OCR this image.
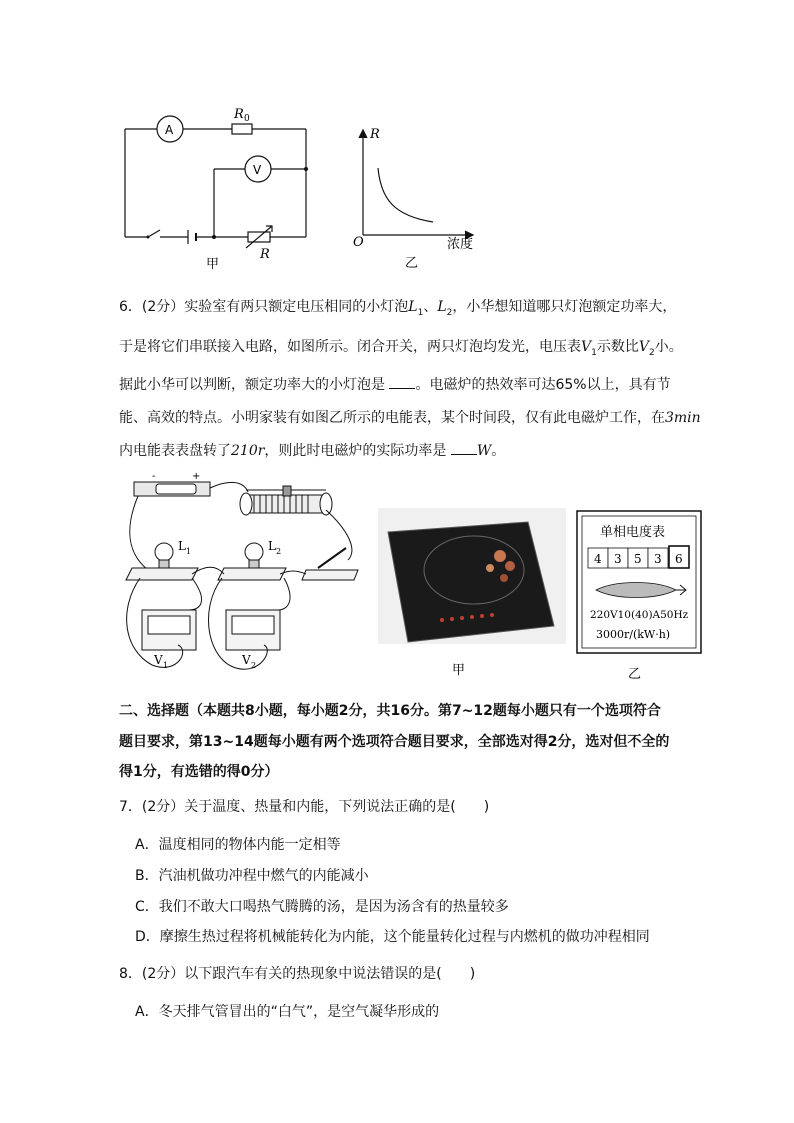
A
V
R 0
R
甲
R
O	浓度
乙
6．(2分）实验室有两只额定电压相同的小灯泡$L_1$、$L_2$，小华想知道哪只灯泡额定功率大，
于是将它们串联接入电路，如图所示。闭合开关，两只灯泡均发光，电压表$V_1$示数比$V_2$小。
据此小华可以判断，额定功率大的小灯泡是 。电磁炉的热效率可达65%以上，具有节
能、高效的特点。小明家装有如图乙所示的电能表，某个时间段，仅有此电磁炉工作，在3min
内电能表表盘转了210r，则此时电磁炉的实际功率是 W。
-	+
L 1	L 2
V 1	V 2	甲
单相电度表
4 3 5 3 6
220V10(40)A50Hz
3000r/(kW·h)
乙
二、选择题（本题共8小题，每小题2分，共16分。第7~12题每小题只有一个选项符合
题目要求，第13~14题每小题有两个选项符合题目要求，全部选对得2分，选对但不全的
得1分，有选错的得0分）
7．(2分）关于温度、热量和内能，下列说法正确的是(　　)
A．温度相同的物体内能一定相等
B．汽油机做功冲程中燃气的内能减小
C．我们不敢大口喝热气腾腾的汤，是因为汤含有的热量较多
D．摩擦生热过程将机械能转化为内能，这个能量转化过程与内燃机的做功冲程相同
8．(2分）以下跟汽车有关的热现象中说法错误的是(　　)
A．冬天排气管冒出的“白气”，是空气凝华形成的
